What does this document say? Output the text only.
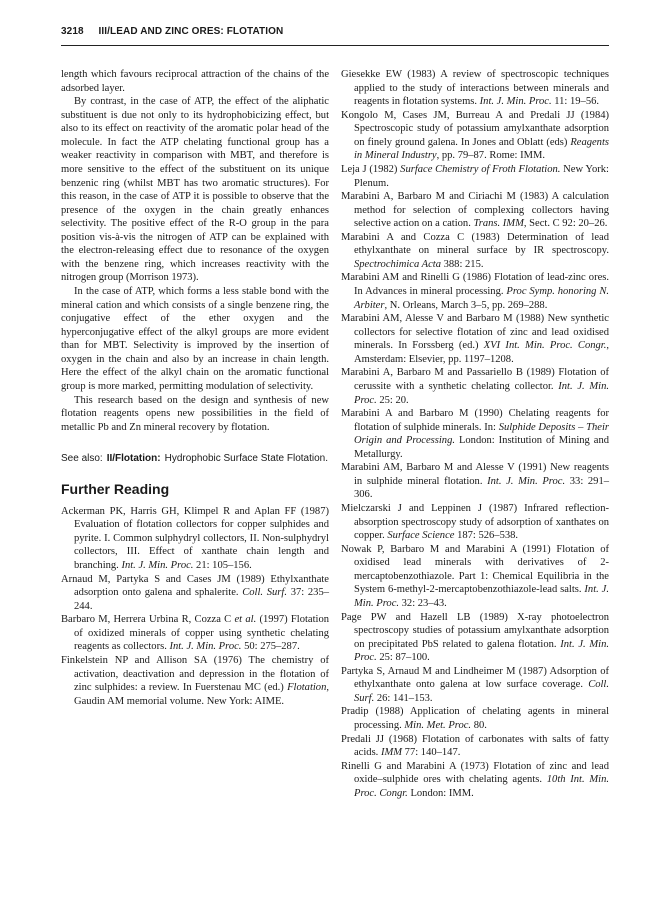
3218 III/LEAD AND ZINC ORES: FLOTATION

length which favours reciprocal attraction of the chains of the adsorbed layer.

By contrast, in the case of ATP, the effect of the aliphatic substituent is due not only to its hydrophobicizing effect, but also to its effect on reactivity of the aromatic polar head of the molecule. In fact the ATP chelating functional group has a weaker reactivity in comparison with MBT, and therefore is more sensitive to the effect of the substituent on its unique benzenic ring (whilst MBT has two aromatic structures). For this reason, in the case of ATP it is possible to observe that the presence of the oxygen in the chain greatly enhances selectivity. The positive effect of the R-O group in the para position vis-à-vis the nitrogen of ATP can be explained with the electron-releasing effect due to resonance of the oxygen with the benzene ring, which increases reactivity with the nitrogen group (Morrison 1973).

In the case of ATP, which forms a less stable bond with the mineral cation and which consists of a single benzene ring, the conjugative effect of the ether oxygen and the hyperconjugative effect of the alkyl groups are more evident than for MBT. Selectivity is improved by the insertion of oxygen in the chain and also by an increase in chain length. Here the effect of the alkyl chain on the aromatic functional group is more marked, permitting modulation of selectivity.

This research based on the design and synthesis of new flotation reagents opens new possibilities in the field of metallic Pb and Zn mineral recovery by flotation.

See also: II/Flotation: Hydrophobic Surface State Flotation.
Further Reading

Ackerman PK, Harris GH, Klimpel R and Aplan FF (1987) Evaluation of flotation collectors for copper sulphides and pyrite. I. Common sulphydryl collectors, II. Non-sulphydryl collectors, III. Effect of xanthate chain length and branching. Int. J. Min. Proc. 21: 105–156.

Arnaud M, Partyka S and Cases JM (1989) Ethylxanthate adsorption onto galena and sphalerite. Coll. Surf. 37: 235–244.

Barbaro M, Herrera Urbina R, Cozza C et al. (1997) Flotation of oxidized minerals of copper using synthetic chelating reagents as collectors. Int. J. Min. Proc. 50: 275–287.

Finkelstein NP and Allison SA (1976) The chemistry of activation, deactivation and depression in the flotation of zinc sulphides: a review. In Fuerstenau MC (ed.) Flotation, Gaudin AM memorial volume. New York: AIME.

Giesekke EW (1983) A review of spectroscopic techniques applied to the study of interactions between minerals and reagents in flotation systems. Int. J. Min. Proc. 11: 19–56.

Kongolo M, Cases JM, Burreau A and Predali JJ (1984) Spectroscopic study of potassium amylxanthate adsorption on finely ground galena. In Jones and Oblatt (eds) Reagents in Mineral Industry, pp. 79–87. Rome: IMM.

Leja J (1982) Surface Chemistry of Froth Flotation. New York: Plenum.

Marabini A, Barbaro M and Ciriachi M (1983) A calculation method for selection of complexing collectors having selective action on a cation. Trans. IMM, Sect. C 92: 20–26.

Marabini A and Cozza C (1983) Determination of lead ethylxanthate on mineral surface by IR spectroscopy. Spectrochimica Acta 388: 215.

Marabini AM and Rinelli G (1986) Flotation of lead-zinc ores. In Advances in mineral processing. Proc Symp. honoring N. Arbiter, N. Orleans, March 3–5, pp. 269–288.

Marabini AM, Alesse V and Barbaro M (1988) New synthetic collectors for selective flotation of zinc and lead oxidised minerals. In Forssberg (ed.) XVI Int. Min. Proc. Congr., Amsterdam: Elsevier, pp. 1197–1208.

Marabini A, Barbaro M and Passariello B (1989) Flotation of cerussite with a synthetic chelating collector. Int. J. Min. Proc. 25: 20.

Marabini A and Barbaro M (1990) Chelating reagents for flotation of sulphide minerals. In: Sulphide Deposits – Their Origin and Processing. London: Institution of Mining and Metallurgy.

Marabini AM, Barbaro M and Alesse V (1991) New reagents in sulphide mineral flotation. Int. J. Min. Proc. 33: 291–306.

Mielczarski J and Leppinen J (1987) Infrared reflection-absorption spectroscopy study of adsorption of xanthates on copper. Surface Science 187: 526–538.

Nowak P, Barbaro M and Marabini A (1991) Flotation of oxidised lead minerals with derivatives of 2-mercaptobenzothiazole. Part 1: Chemical Equilibria in the System 6-methyl-2-mercaptobenzothiazole-lead salts. Int. J. Min. Proc. 32: 23–43.

Page PW and Hazell LB (1989) X-ray photoelectron spectroscopy studies of potassium amylxanthate adsorption on precipitated PbS related to galena flotation. Int. J. Min. Proc. 25: 87–100.

Partyka S, Arnaud M and Lindheimer M (1987) Adsorption of ethylxanthate onto galena at low surface coverage. Coll. Surf. 26: 141–153.

Pradip (1988) Application of chelating agents in mineral processing. Min. Met. Proc. 80.

Predali JJ (1968) Flotation of carbonates with salts of fatty acids. IMM 77: 140–147.

Rinelli G and Marabini A (1973) Flotation of zinc and lead oxide–sulphide ores with chelating agents. 10th Int. Min. Proc. Congr. London: IMM.
